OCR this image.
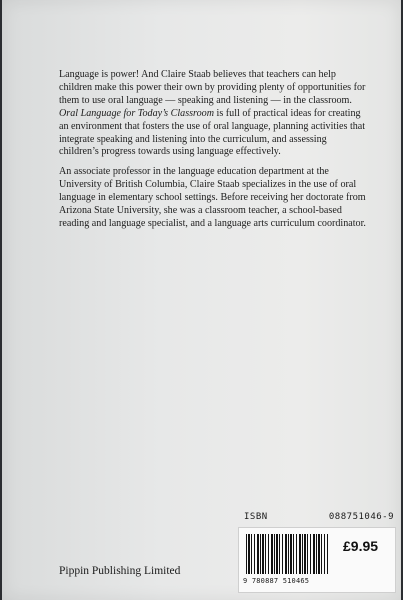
Language is power! And Claire Staab believes that teachers can help children make this power their own by providing plenty of opportunities for them to use oral language — speaking and listening — in the classroom. Oral Language for Today’s Classroom is full of practical ideas for creating an environment that fosters the use of oral language, planning activities that integrate speaking and listening into the curriculum, and assessing children’s progress towards using language effectively.

An associate professor in the language education department at the University of British Columbia, Claire Staab specializes in the use of oral language in elementary school settings. Before receiving her doctorate from Arizona State University, she was a classroom teacher, a school-based reading and language specialist, and a language arts curriculum coordinator.

ISBN	088751046-9
9 780887 510465
£9.95
Pippin Publishing Limited
